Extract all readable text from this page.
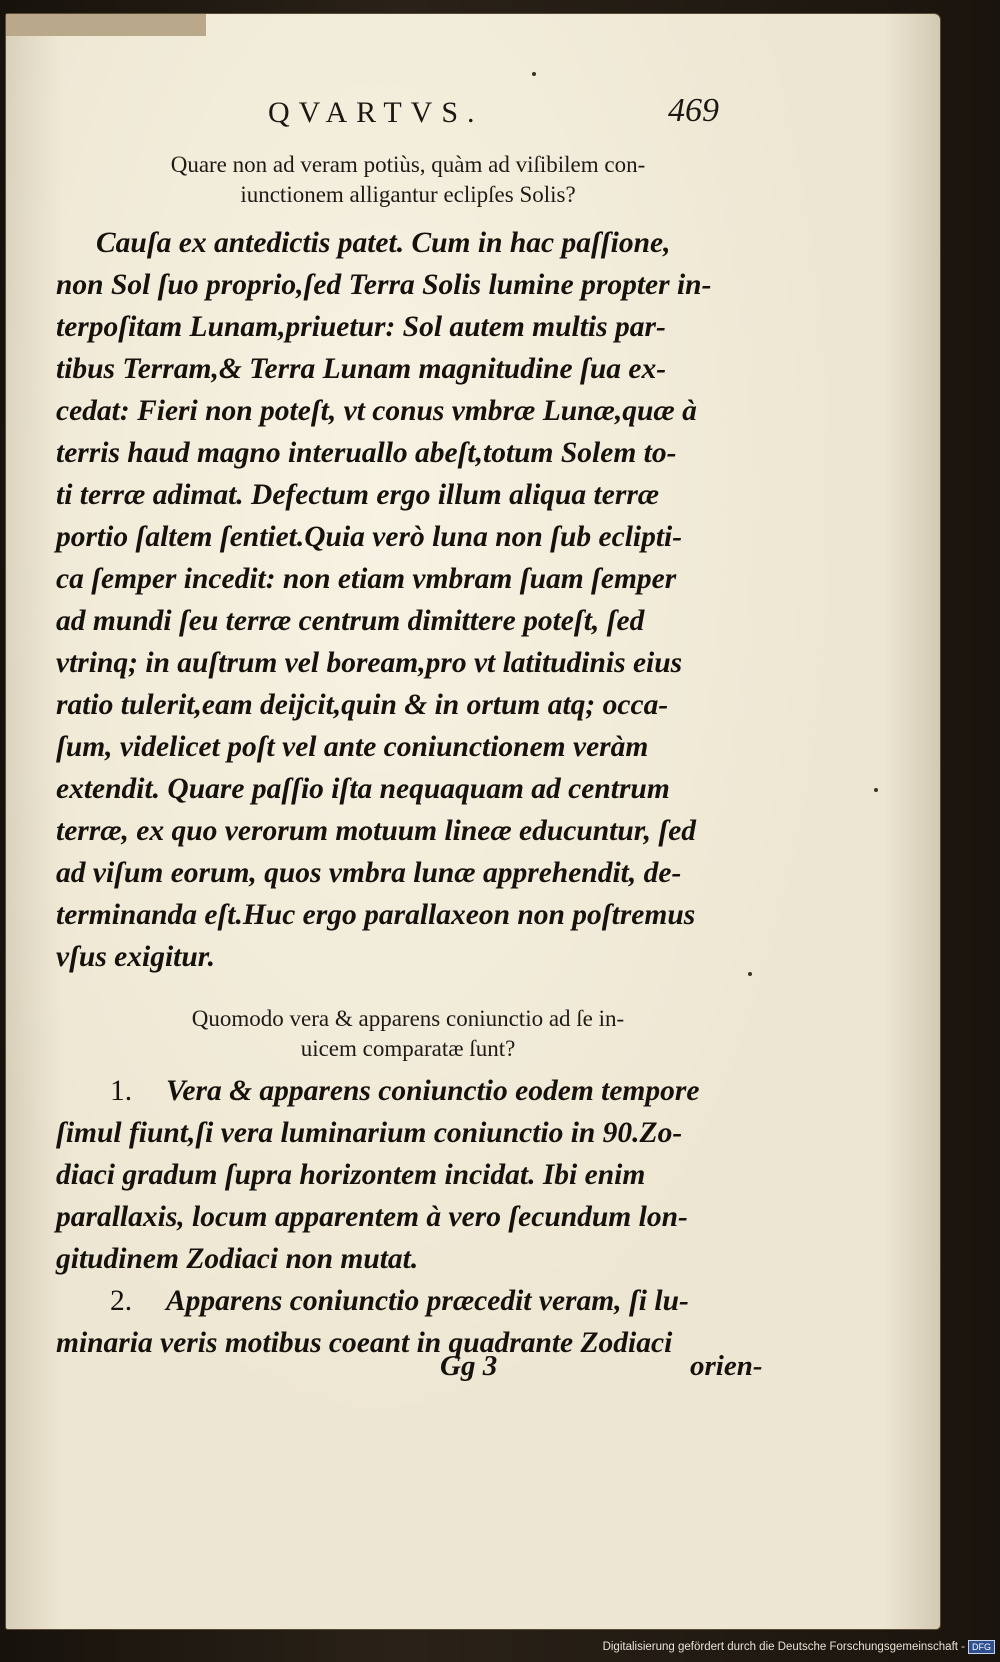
QVARTVS.	469
Quare non ad veram potiùs, quàm ad viſibilem con-
iunctionem alligantur eclipſes Solis?
Cauſa ex antedictis patet. Cum in hac paſſione,
non Sol ſuo proprio,ſed Terra Solis lumine propter in-
terpoſitam Lunam,priuetur: Sol autem multis par-
tibus Terram,& Terra Lunam magnitudine ſua ex-
cedat: Fieri non poteſt, vt conus vmbræ Lunæ,quæ à
terris haud magno interuallo abeſt,totum Solem to-
ti terræ adimat. Defectum ergo illum aliqua terræ
portio ſaltem ſentiet.Quia verò luna non ſub eclipti-
ca ſemper incedit: non etiam vmbram ſuam ſemper
ad mundi ſeu terræ centrum dimittere poteſt, ſed
vtrinq; in auſtrum vel boream,pro vt latitudinis eius
ratio tulerit,eam deijcit,quin & in ortum atq; occa-
ſum, videlicet poſt vel ante coniunctionem veràm
extendit. Quare paſſio iſta nequaquam ad centrum
terræ, ex quo verorum motuum lineæ educuntur, ſed
ad viſum eorum, quos vmbra lunæ apprehendit, de-
terminanda eſt.Huc ergo parallaxeon non poſtremus
vſus exigitur.
Quomodo vera & apparens coniunctio ad ſe in-
uicem comparatæ ſunt?
1. Vera & apparens coniunctio eodem tempore
ſimul fiunt,ſi vera luminarium coniunctio in 90.Zo-
diaci gradum ſupra horizontem incidat. Ibi enim
parallaxis, locum apparentem à vero ſecundum lon-
gitudinem Zodiaci non mutat.
2. Apparens coniunctio præcedit veram, ſi lu-
minaria veris motibus coeant in quadrante Zodiaci
Gg 3	orien-
Digitalisierung gefördert durch die Deutsche Forschungsgemeinschaft - DFG
